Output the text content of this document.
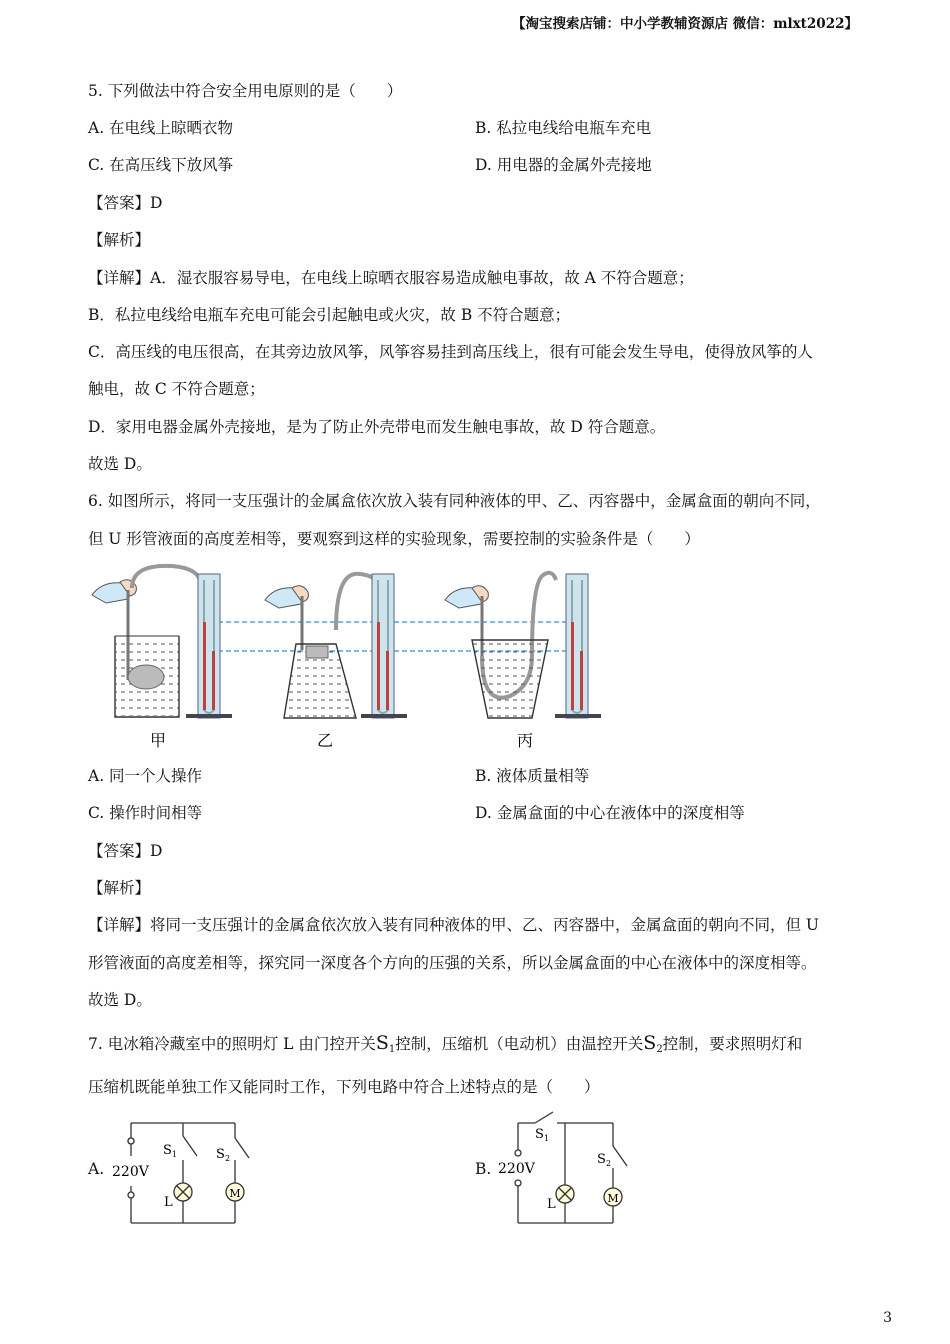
【淘宝搜索店铺：中小学教辅资源店 微信：mlxt2022】
5. 下列做法中符合安全用电原则的是（　　）
A. 在电线上晾晒衣物	B. 私拉电线给电瓶车充电
C. 在高压线下放风筝	D. 用电器的金属外壳接地
【答案】D
【解析】
【详解】A．湿衣服容易导电，在电线上晾晒衣服容易造成触电事故，故 A 不符合题意；
B．私拉电线给电瓶车充电可能会引起触电或火灾，故 B 不符合题意；
C．高压线的电压很高，在其旁边放风筝，风筝容易挂到高压线上，很有可能会发生导电，使得放风筝的人
触电，故 C 不符合题意；
D．家用电器金属外壳接地，是为了防止外壳带电而发生触电事故，故 D 符合题意。
故选 D。
6. 如图所示，将同一支压强计的金属盒依次放入装有同种液体的甲、乙、丙容器中，金属盒面的朝向不同，
但 U 形管液面的高度差相等，要观察到这样的实验现象，需要控制的实验条件是（　　）
甲	乙	丙
A. 同一个人操作	B. 液体质量相等
C. 操作时间相等	D. 金属盒面的中心在液体中的深度相等
【答案】D
【解析】
【详解】将同一支压强计的金属盒依次放入装有同种液体的甲、乙、丙容器中，金属盒面的朝向不同，但 U
形管液面的高度差相等，探究同一深度各个方向的压强的关系，所以金属盒面的中心在液体中的深度相等。
故选 D。
7. 电冰箱冷藏室中的照明灯 L 由门控开关$S_1$控制，压缩机（电动机）由温控开关$S_2$控制，要求照明灯和
压缩机既能单独工作又能同时工作，下列电路中符合上述特点的是（　　）
A.	B.
220V
S 1	S 2
L
M
220V
S 1
S 2
L	M
3
